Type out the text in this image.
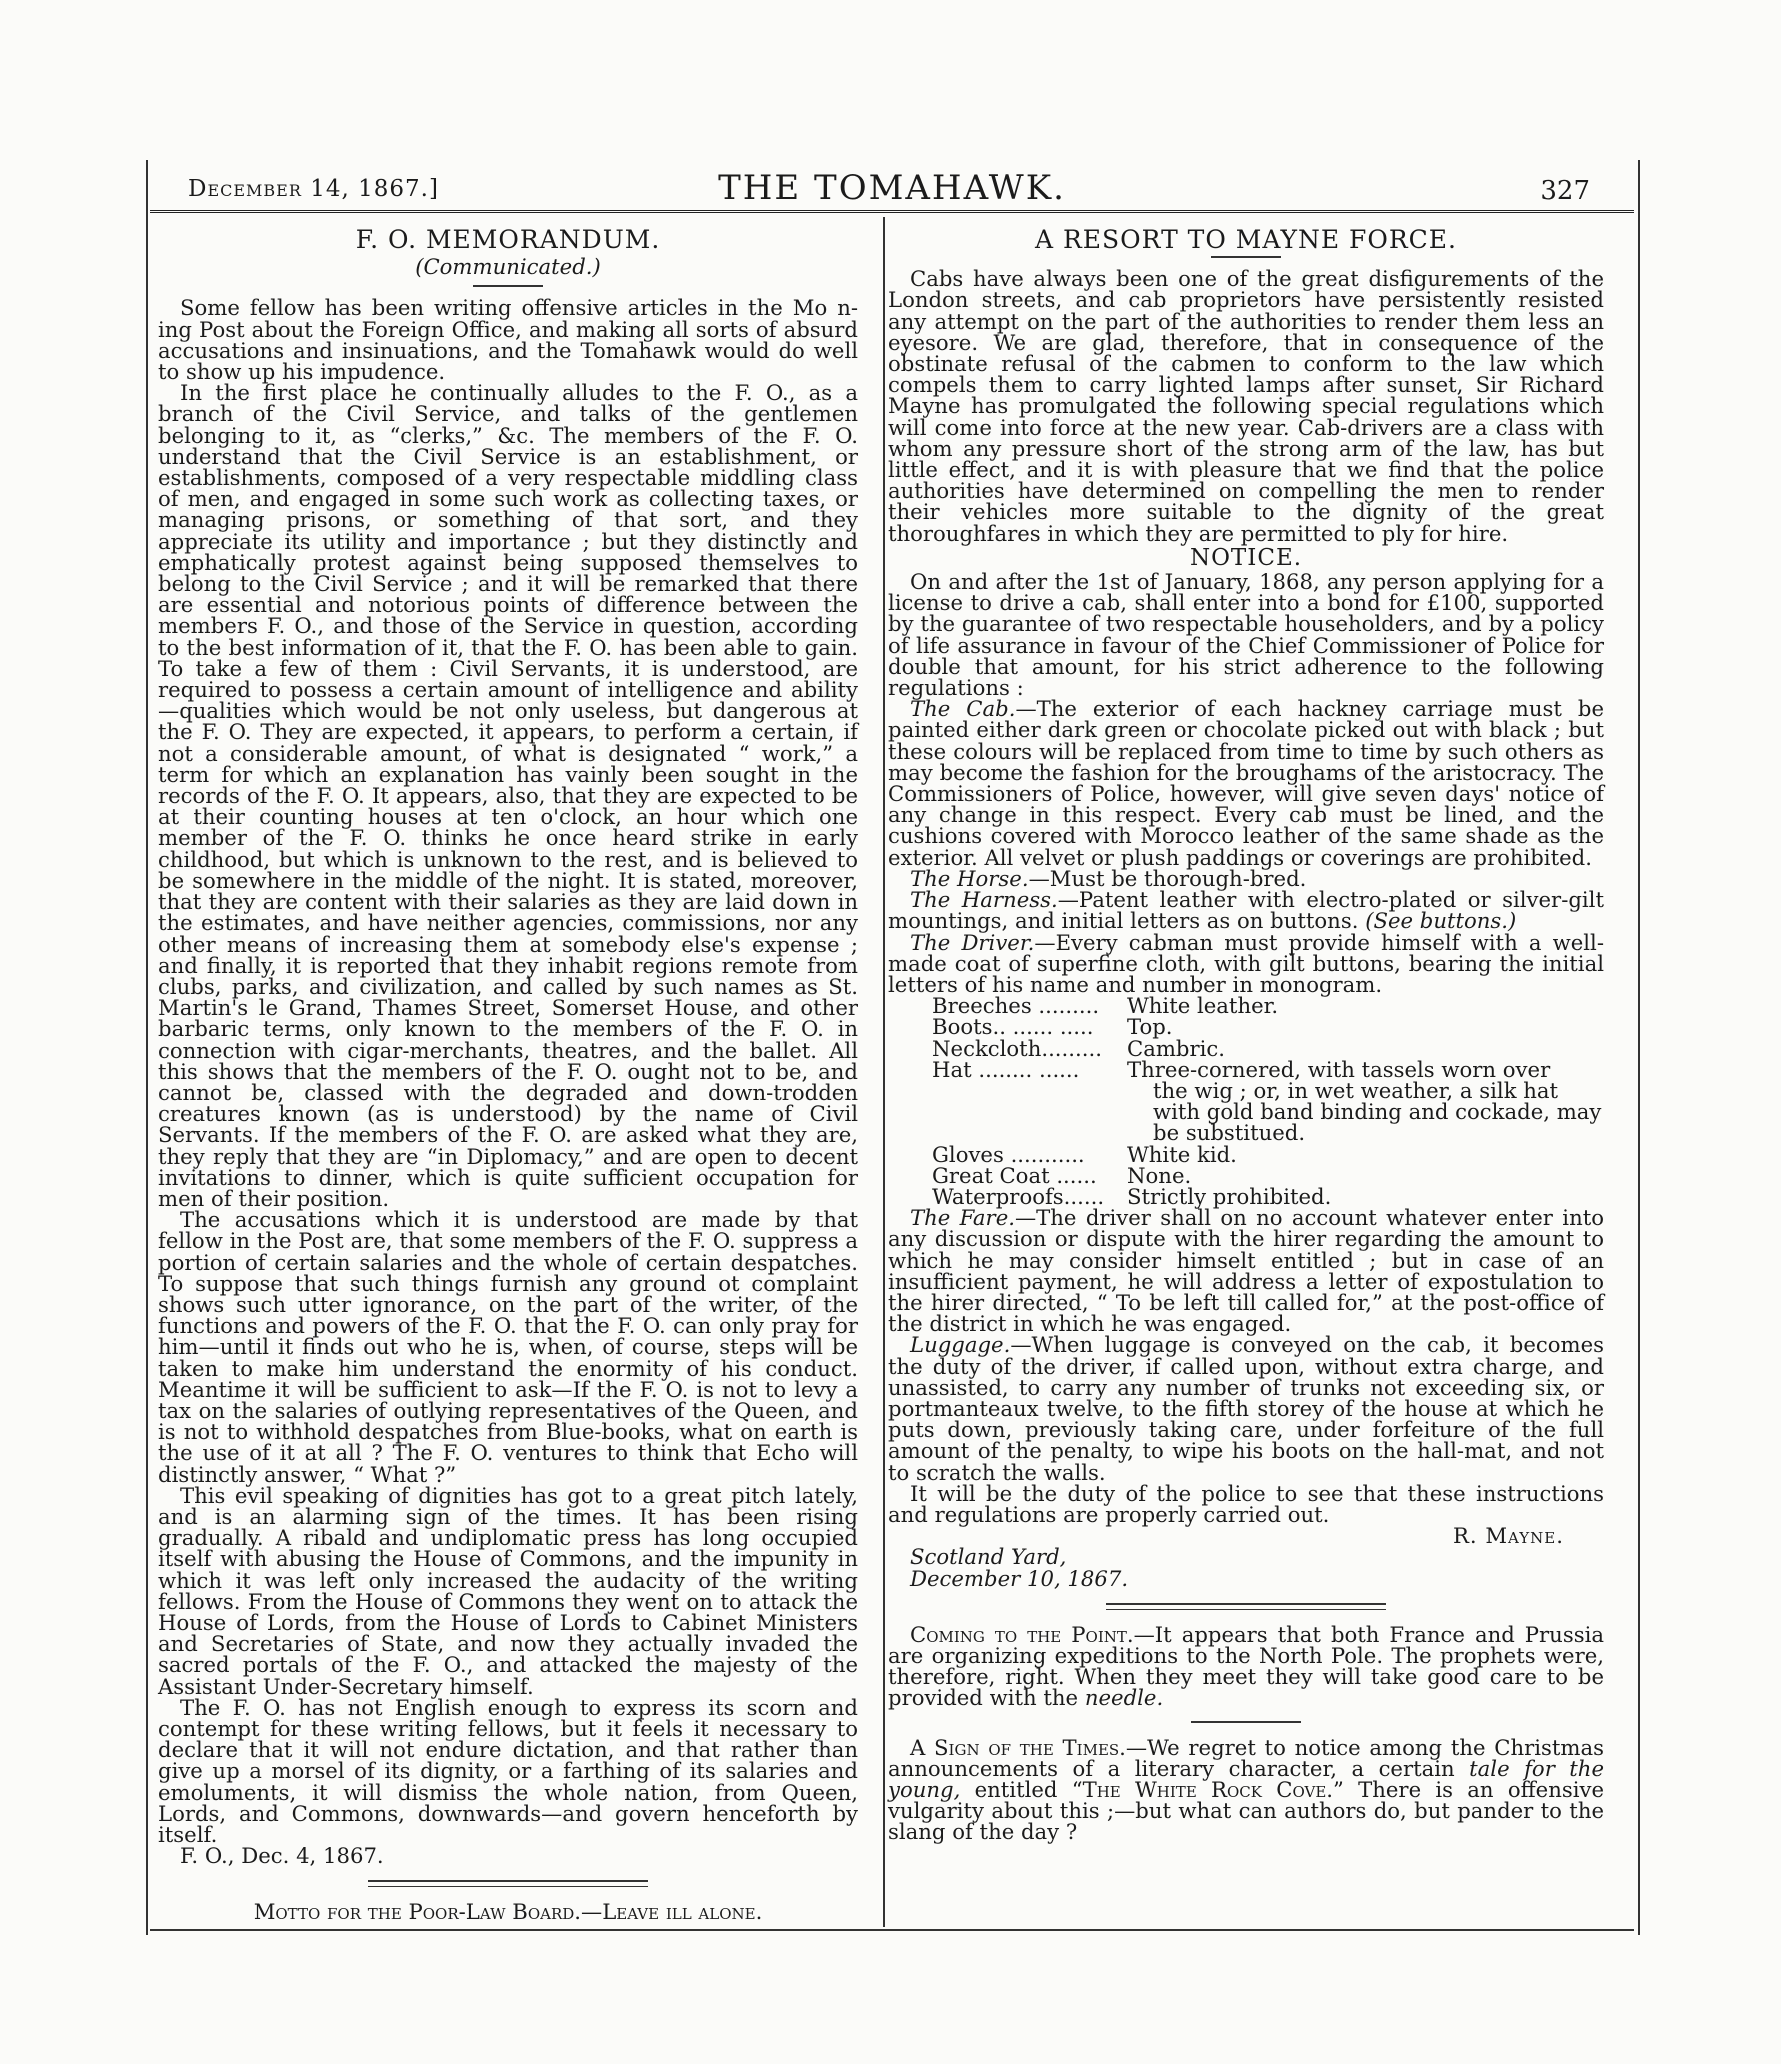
December 14, 1867.]	THE TOMAHAWK.	327
F. O. MEMORANDUM.
(Communicated.)

Some fellow has been writing offensive articles in the Mo n- ing Post about the Foreign Office, and making all sorts of absurd accusations and insinuations, and the Tomahawk would do well to show up his impudence.

In the first place he continually alludes to the F. O., as a branch of the Civil Service, and talks of the gentlemen belonging to it, as “clerks,” &c. The members of the F. O. understand that the Civil Service is an establishment, or establishments, composed of a very respectable middling class of men, and engaged in some such work as collecting taxes, or managing prisons, or something of that sort, and they appreciate its utility and importance ; but they distinctly and emphatically protest against being supposed themselves to belong to the Civil Service ; and it will be remarked that there are essential and notorious points of difference between the members F. O., and those of the Service in question, according to the best information of it, that the F. O. has been able to gain. To take a few of them : Civil Servants, it is understood, are required to possess a certain amount of intelligence and ability—qualities which would be not only useless, but dangerous at the F. O. They are expected, it appears, to perform a certain, if not a considerable amount, of what is designated “ work,” a term for which an explanation has vainly been sought in the records of the F. O. It appears, also, that they are expected to be at their counting houses at ten o'clock, an hour which one member of the F. O. thinks he once heard strike in early childhood, but which is unknown to the rest, and is believed to be somewhere in the middle of the night. It is stated, moreover, that they are content with their salaries as they are laid down in the estimates, and have neither agencies, commissions, nor any other means of increasing them at somebody else's expense ; and finally, it is reported that they inhabit regions remote from clubs, parks, and civilization, and called by such names as St. Martin's le Grand, Thames Street, Somerset House, and other barbaric terms, only known to the members of the F. O. in connection with cigar-merchants, theatres, and the ballet. All this shows that the members of the F. O. ought not to be, and cannot be, classed with the degraded and down-trodden creatures known (as is understood) by the name of Civil Servants. If the members of the F. O. are asked what they are, they reply that they are “in Diplomacy,” and are open to decent invitations to dinner, which is quite sufficient occupation for men of their position.

The accusations which it is understood are made by that fellow in the Post are, that some members of the F. O. suppress a portion of certain salaries and the whole of certain despatches. To suppose that such things furnish any ground ot complaint shows such utter ignorance, on the part of the writer, of the functions and powers of the F. O. that the F. O. can only pray for him—until it finds out who he is, when, of course, steps will be taken to make him understand the enormity of his conduct. Meantime it will be sufficient to ask—If the F. O. is not to levy a tax on the salaries of outlying representatives of the Queen, and is not to withhold despatches from Blue-books, what on earth is the use of it at all ? The F. O. ventures to think that Echo will distinctly answer, “ What ?”

This evil speaking of dignities has got to a great pitch lately, and is an alarming sign of the times. It has been rising gradually. A ribald and undiplomatic press has long occupied itself with abusing the House of Commons, and the impunity in which it was left only increased the audacity of the writing fellows. From the House of Commons they went on to attack the House of Lords, from the House of Lords to Cabinet Ministers and Secretaries of State, and now they actually invaded the sacred portals of the F. O., and attacked the majesty of the Assistant Under-Secretary himself.

The F. O. has not English enough to express its scorn and contempt for these writing fellows, but it feels it necessary to declare that it will not endure dictation, and that rather than give up a morsel of its dignity, or a farthing of its salaries and emoluments, it will dismiss the whole nation, from Queen, Lords, and Commons, downwards—and govern henceforth by itself.

F. O., Dec. 4, 1867.

Motto for the Poor-Law Board.—Leave ill alone.

A RESORT TO MAYNE FORCE.

Cabs have always been one of the great disfigurements of the London streets, and cab proprietors have persistently resisted any attempt on the part of the authorities to render them less an eyesore. We are glad, therefore, that in consequence of the obstinate refusal of the cabmen to conform to the law which compels them to carry lighted lamps after sunset, Sir Richard Mayne has promulgated the following special regulations which will come into force at the new year. Cab-drivers are a class with whom any pressure short of the strong arm of the law, has but little effect, and it is with pleasure that we find that the police authorities have determined on compelling the men to render their vehicles more suitable to the dignity of the great thoroughfares in which they are permitted to ply for hire.

NOTICE.

On and after the 1st of January, 1868, any person applying for a license to drive a cab, shall enter into a bond for £100, supported by the guarantee of two respectable householders, and by a policy of life assurance in favour of the Chief Commissioner of Police for double that amount, for his strict adherence to the following regulations :

The Cab.—The exterior of each hackney carriage must be painted either dark green or chocolate picked out with black ; but these colours will be replaced from time to time by such others as may become the fashion for the broughams of the aristocracy. The Commissioners of Police, however, will give seven days' notice of any change in this respect. Every cab must be lined, and the cushions covered with Morocco leather of the same shade as the exterior. All velvet or plush paddings or coverings are prohibited.

The Horse.—Must be thorough-bred.

The Harness.—Patent leather with electro-plated or silver-gilt mountings, and initial letters as on buttons. (See buttons.)

The Driver.—Every cabman must provide himself with a well-made coat of superfine cloth, with gilt buttons, bearing the initial letters of his name and number in monogram.

Breeches .........	White leather.
Boots.. ...... .....	Top.
Neckcloth.........	Cambric.
Hat ........ ......	Three-cornered, with tassels worn over
the wig ; or, in wet weather, a silk hat with gold band binding and cockade, may be substitued.
Gloves ...........	White kid.
Great Coat ......	None.
Waterproofs......	Strictly prohibited.

The Fare.—The driver shall on no account whatever enter into any discussion or dispute with the hirer regarding the amount to which he may consider himselt entitled ; but in case of an insufficient payment, he will address a letter of expostulation to the hirer directed, “ To be left till called for,” at the post-office of the district in which he was engaged.

Luggage.—When luggage is conveyed on the cab, it becomes the duty of the driver, if called upon, without extra charge, and unassisted, to carry any number of trunks not exceeding six, or portmanteaux twelve, to the fifth storey of the house at which he puts down, previously taking care, under forfeiture of the full amount of the penalty, to wipe his boots on the hall-mat, and not to scratch the walls.

It will be the duty of the police to see that these instructions and regulations are properly carried out.

R. Mayne.

Scotland Yard,

December 10, 1867.

Coming to the Point.—It appears that both France and Prussia are organizing expeditions to the North Pole. The prophets were, therefore, right. When they meet they will take good care to be provided with the needle.

A Sign of the Times.—We regret to notice among the Christmas announcements of a literary character, a certain tale for the young, entitled “The White Rock Cove.” There is an offensive vulgarity about this ;—but what can authors do, but pander to the slang of the day ?
